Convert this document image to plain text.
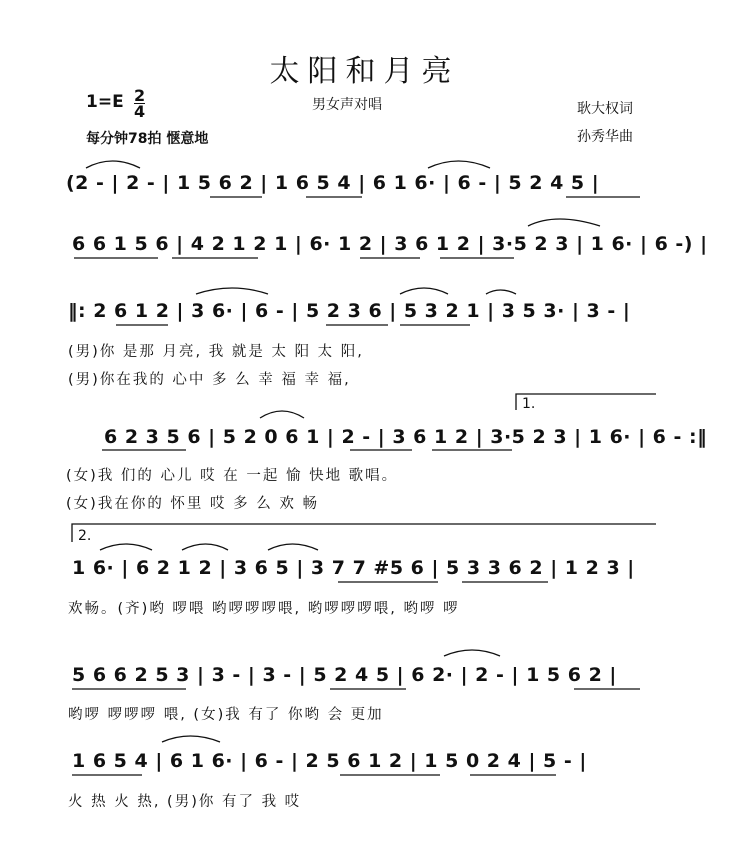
太阳和月亮
男女声对唱
$1=E \frac{2}{4}$
每分钟78拍 惬意地
耿大权词
孙秀华曲
(2 - | 2 - | 1 5 6 2 | 1 6 5 4 | 6 1 6· | 6 - | 5 2 4 5 |
6 6 1 5 6 | 4 2 1 2 1 | 6· 1 2 | 3 6 1 2 | 3·5 2 3 | 1 6· | 6 -) |
‖: 2 6 1 2 | 3 6· | 6 - | 5 2 3 6 | 5 3 2 1 | 3 5 3· | 3 - |
(男)你 是那 月亮, 我 就是 太 阳 太 阳,
(男)你在我的 心中 多 么 幸 福 幸 福,
1.
6 2 3 5 6 | 5 2 0 6 1 | 2 - | 3 6 1 2 | 3·5 2 3 | 1 6· | 6 - :‖
(女)我 们的 心儿 哎 在 一起 愉 快地 歌唱。
(女)我在你的 怀里 哎 多 么 欢 畅
2.
1 6· | 6 2 1 2 | 3 6 5 | 3 7 7 #5 6 | 5 3 3 6 2 | 1 2 3 |
欢畅。(齐)哟 啰喂 哟啰啰啰喂, 哟啰啰啰喂, 哟啰 啰
5 6 6 2 5 3 | 3 - | 3 - | 5 2 4 5 | 6 2· | 2 - | 1 5 6 2 |
哟啰 啰啰啰 喂, (女)我 有了 你哟 会 更加
1 6 5 4 | 6 1 6· | 6 - | 2 5 6 1 2 | 1 5 0 2 4 | 5 - |
火 热 火 热, (男)你 有了 我 哎
